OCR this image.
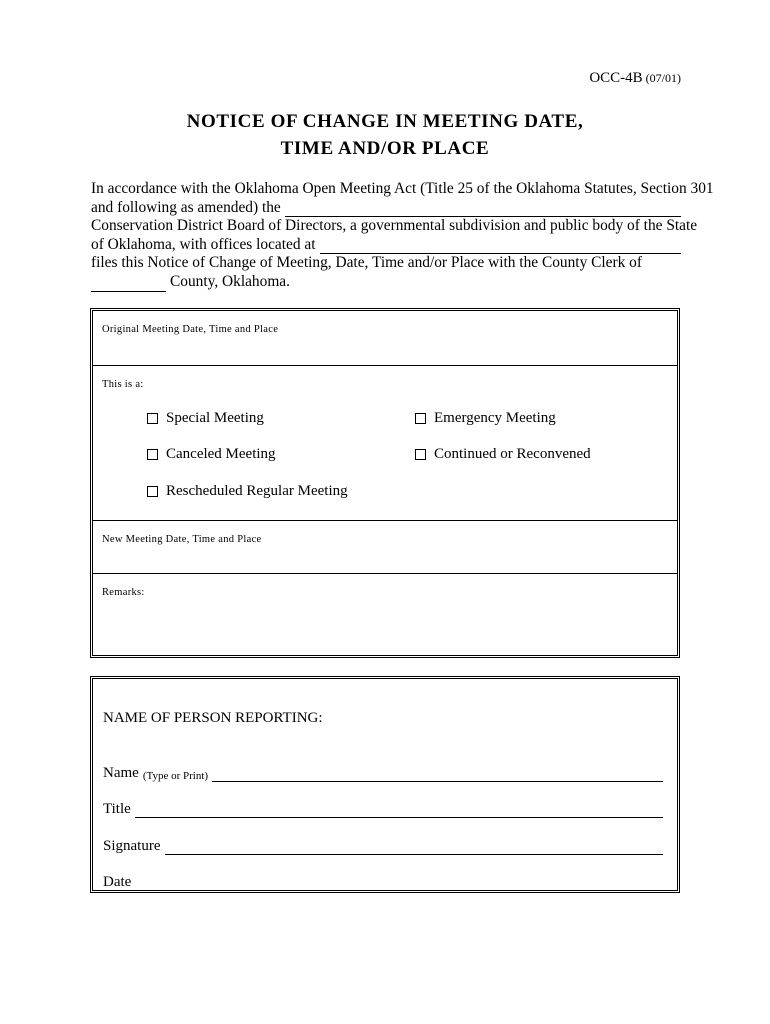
OCC-4B (07/01)
NOTICE OF CHANGE IN MEETING DATE,
TIME AND/OR PLACE
In accordance with the Oklahoma Open Meeting Act (Title 25 of the Oklahoma Statutes, Section 301
and following as amended) the
Conservation District Board of Directors, a governmental subdivision and public body of the State
of Oklahoma, with offices located at
files this Notice of Change of Meeting, Date, Time and/or Place with the County Clerk of
County, Oklahoma.
Original Meeting Date, Time and Place
This is a:
Special Meeting	Emergency Meeting
Canceled Meeting	Continued or Reconvened
Rescheduled Regular Meeting
New Meeting Date, Time and Place
Remarks:
NAME OF PERSON REPORTING:
Name (Type or Print)
Title
Signature
Date
